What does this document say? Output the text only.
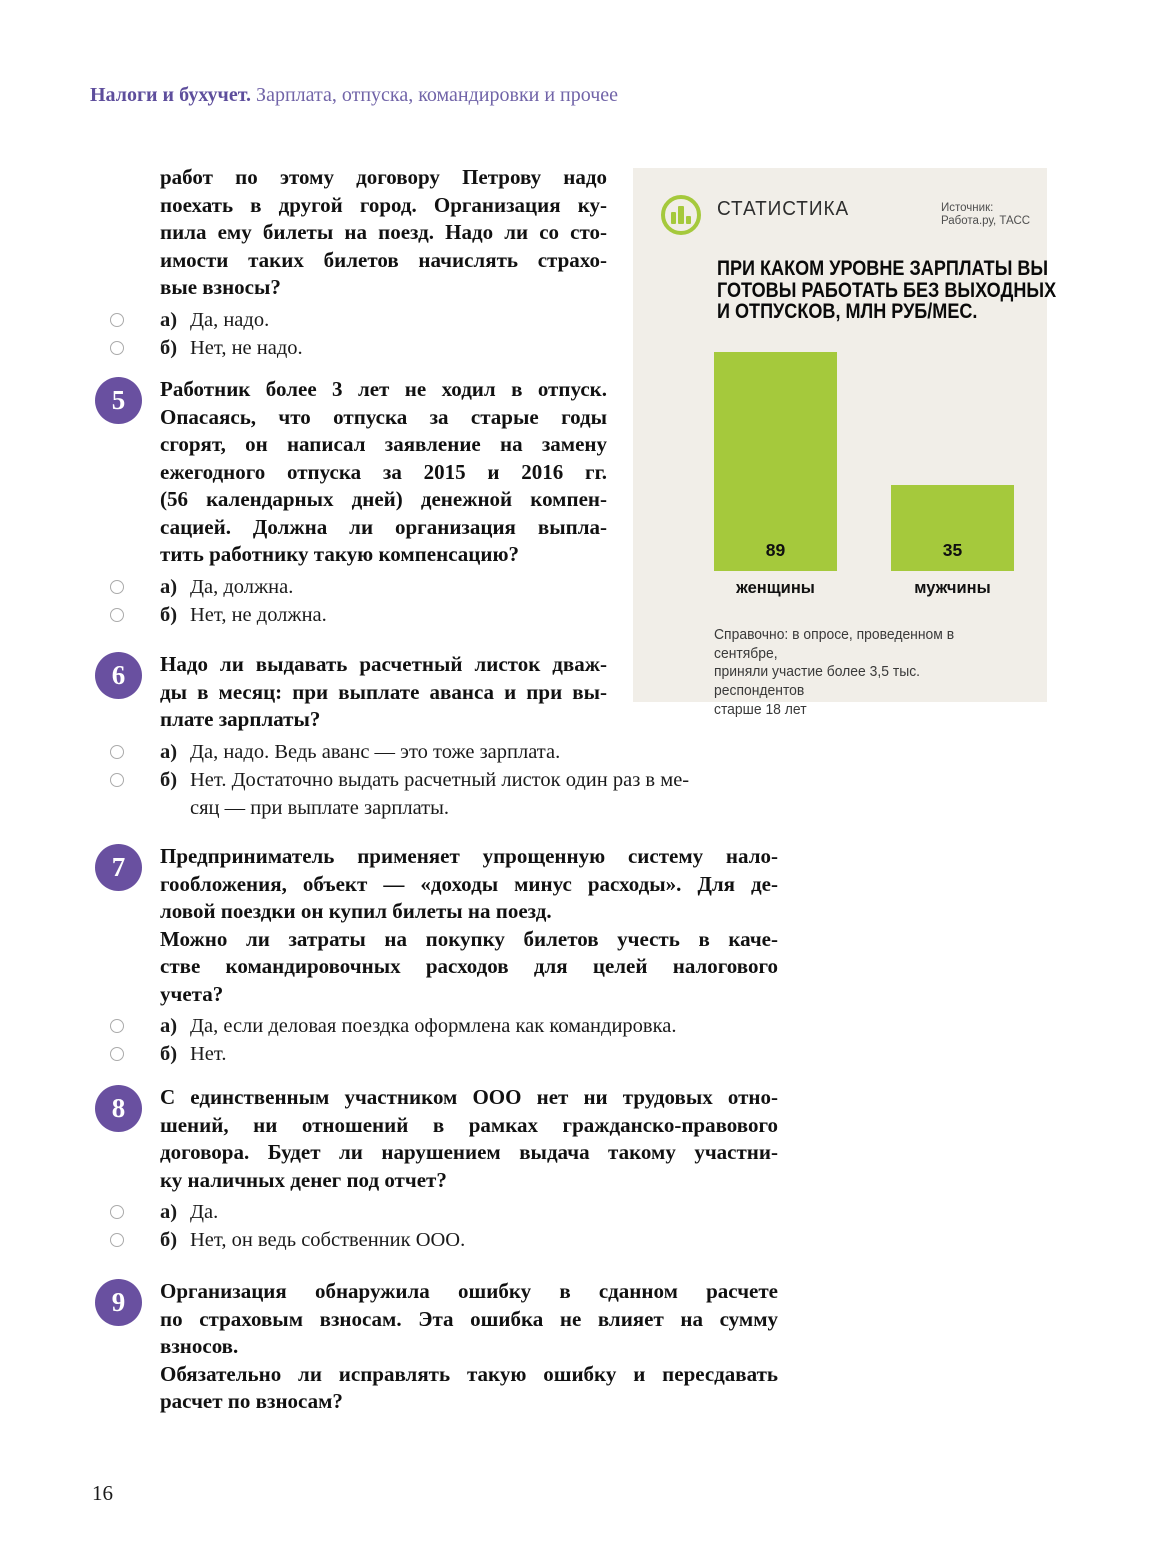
Налоги и бухучет. Зарплата, отпуска, командировки и прочее
работ по этому договору Петрову надо
поехать в другой город. Организация ку-
пила ему билеты на поезд. Надо ли со сто-
имости таких билетов начислять страхо-
вые взносы?
а) Да, надо.
б) Нет, не надо.
5	Работник более 3 лет не ходил в отпуск.
Опасаясь, что отпуска за старые годы
сгорят, он написал заявление на замену
ежегодного отпуска за 2015 и 2016 гг.
(56 календарных дней) денежной компен-
сацией. Должна ли организация выпла-
тить работнику такую компенсацию?
а) Да, должна.
б) Нет, не должна.
6	Надо ли выдавать расчетный листок дваж-
ды в месяц: при выплате аванса и при вы-
плате зарплаты?
а) Да, надо. Ведь аванс — это тоже зарплата.
б) Нет. Достаточно выдать расчетный листок один раз в ме-
сяц — при выплате зарплаты.
7	Предприниматель применяет упрощенную систему нало-
гообложения, объект — «доходы минус расходы». Для де-
ловой поездки он купил билеты на поезд.
Можно ли затраты на покупку билетов учесть в каче-
стве командировочных расходов для целей налогового
учета?
а) Да, если деловая поездка оформлена как командировка.
б) Нет.
8	С единственным участником ООО нет ни трудовых отно-
шений, ни отношений в рамках гражданско-правового
договора. Будет ли нарушением выдача такому участни-
ку наличных денег под отчет?
а) Да.
б) Нет, он ведь собственник ООО.
9	Организация обнаружила ошибку в сданном расчете
по страховым взносам. Эта ошибка не влияет на сумму
взносов.
Обязательно ли исправлять такую ошибку и пересдавать
расчет по взносам?
СТАТИСТИКА	Источник:
Работа.ру, ТАСС
ПРИ КАКОМ УРОВНЕ ЗАРПЛАТЫ ВЫ
ГОТОВЫ РАБОТАТЬ БЕЗ ВЫХОДНЫХ
И ОТПУСКОВ, МЛН РУБ/МЕС.
89	35
женщины	мужчины
Справочно: в опросе, проведенном в сентябре,
приняли участие более 3,5 тыс. респондентов
старше 18 лет
16
